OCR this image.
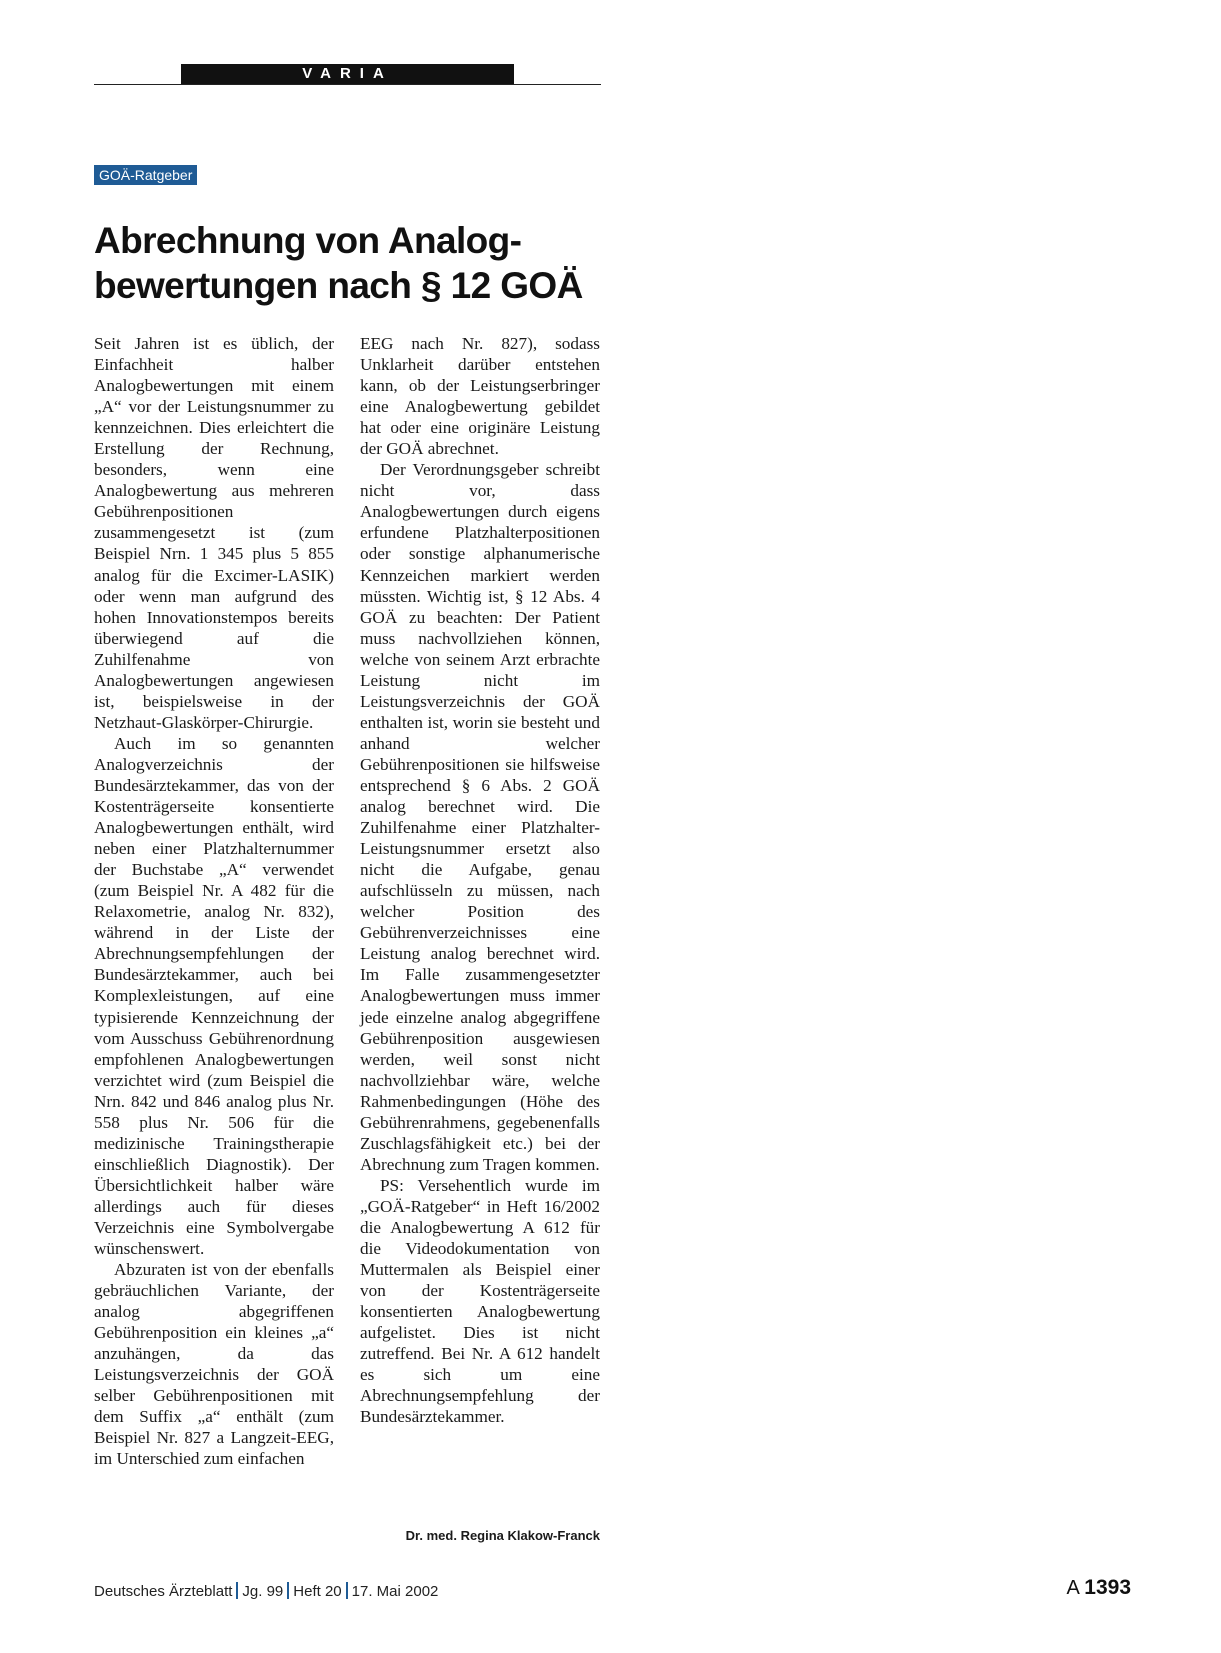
VARIA
GOÄ-Ratgeber
Abrechnung von Analog-
bewertungen nach § 12 GOÄ

Seit Jahren ist es üblich, der Einfachheit halber Analogbewertungen mit einem „A“ vor der Leistungsnummer zu kennzeichnen. Dies erleichtert die Erstellung der Rechnung, besonders, wenn eine Analogbewertung aus mehreren Gebührenpositionen zusammengesetzt ist (zum Beispiel Nrn. 1 345 plus 5 855 analog für die Excimer-LASIK) oder wenn man aufgrund des hohen Innovationstempos bereits überwiegend auf die Zuhilfenahme von Analogbewertungen angewiesen ist, beispielsweise in der Netzhaut-Glaskörper-Chirurgie.

Auch im so genannten Analogverzeichnis der Bundesärztekammer, das von der Kostenträgerseite konsentierte Analogbewertungen enthält, wird neben einer Platzhalternummer der Buchstabe „A“ verwendet (zum Beispiel Nr. A 482 für die Relaxometrie, analog Nr. 832), während in der Liste der Abrechnungsempfehlungen der Bundesärztekammer, auch bei Komplexleistungen, auf eine typisierende Kennzeichnung der vom Ausschuss Gebührenordnung empfohlenen Analogbewertungen verzichtet wird (zum Beispiel die Nrn. 842 und 846 analog plus Nr. 558 plus Nr. 506 für die medizinische Trainingstherapie einschließlich Diagnostik). Der Übersichtlichkeit halber wäre allerdings auch für dieses Verzeichnis eine Symbolvergabe wünschenswert.

Abzuraten ist von der ebenfalls gebräuchlichen Variante, der analog abgegriffenen Gebührenposition ein kleines „a“ anzuhängen, da das Leistungsverzeichnis der GOÄ selber Gebührenpositionen mit dem Suffix „a“ enthält (zum Beispiel Nr. 827 a Langzeit-EEG, im Unterschied zum einfachen

EEG nach Nr. 827), sodass Unklarheit darüber entstehen kann, ob der Leistungserbringer eine Analogbewertung gebildet hat oder eine originäre Leistung der GOÄ abrechnet.

Der Verordnungsgeber schreibt nicht vor, dass Analogbewertungen durch eigens erfundene Platzhalterpositionen oder sonstige alphanumerische Kennzeichen markiert werden müssten. Wichtig ist, § 12 Abs. 4 GOÄ zu beachten: Der Patient muss nachvollziehen können, welche von seinem Arzt erbrachte Leistung nicht im Leistungsverzeichnis der GOÄ enthalten ist, worin sie besteht und anhand welcher Gebührenpositionen sie hilfsweise entsprechend § 6 Abs. 2 GOÄ analog berechnet wird. Die Zuhilfenahme einer Platzhalter-Leistungsnummer ersetzt also nicht die Aufgabe, genau aufschlüsseln zu müssen, nach welcher Position des Gebührenverzeichnisses eine Leistung analog berechnet wird. Im Falle zusammengesetzter Analogbewertungen muss immer jede einzelne analog abgegriffene Gebührenposition ausgewiesen werden, weil sonst nicht nachvollziehbar wäre, welche Rahmenbedingungen (Höhe des Gebührenrahmens, gegebenenfalls Zuschlagsfähigkeit etc.) bei der Abrechnung zum Tragen kommen.

PS: Versehentlich wurde im „GOÄ-Ratgeber“ in Heft 16/2002 die Analogbewertung A 612 für die Videodokumentation von Muttermalen als Beispiel einer von der Kostenträgerseite konsentierten Analogbewertung aufgelistet. Dies ist nicht zutreffend. Bei Nr. A 612 handelt es sich um eine Abrechnungsempfehlung der Bundesärztekammer.

Dr. med. Regina Klakow-Franck
Deutsches Ärzteblatt Jg. 99 Heft 20 17. Mai 2002	A 1393
